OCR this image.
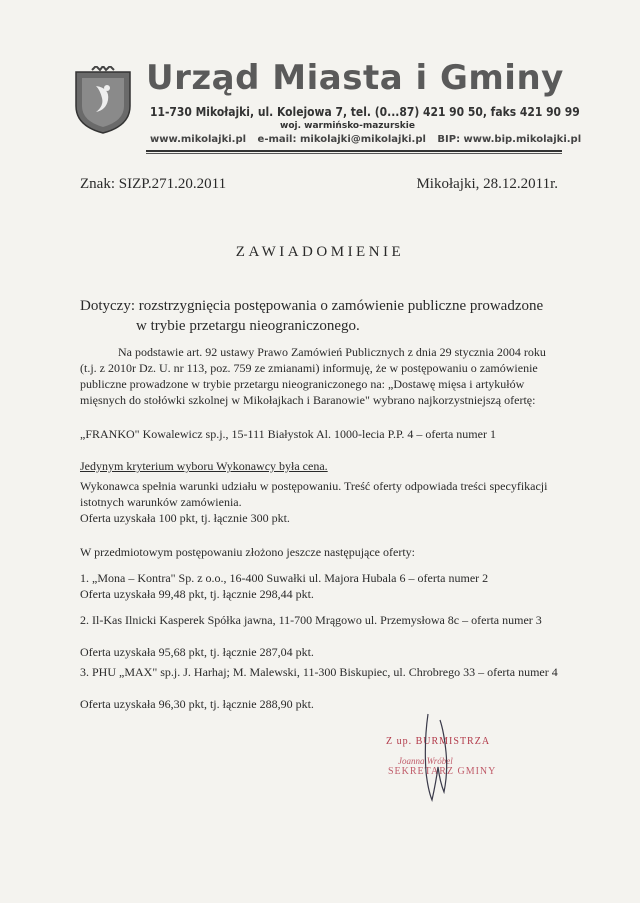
Urząd Miasta i Gminy
11-730 Mikołajki, ul. Kolejowa 7, tel. (0...87) 421 90 50, faks 421 90 99
woj. warmińsko-mazurskie
www.mikolajki.pl e-mail: mikolajki@mikolajki.pl BIP: www.bip.mikolajki.pl
Znak: SIZP.271.20.2011	Mikołajki, 28.12.2011r.
ZAWIADOMIENIE
Dotyczy: rozstrzygnięcia postępowania o zamówienie publiczne prowadzone
w trybie przetargu nieograniczonego.
Na podstawie art. 92 ustawy Prawo Zamówień Publicznych z dnia 29 stycznia 2004 roku (t.j. z 2010r Dz. U. nr 113, poz. 759 ze zmianami) informuję, że w postępowaniu o zamówienie publiczne prowadzone w trybie przetargu nieograniczonego na: „Dostawę mięsa i artykułów mięsnych do stołówki szkolnej w Mikołajkach i Baranowie" wybrano najkorzystniejszą ofertę:
„FRANKO" Kowalewicz sp.j., 15-111 Białystok Al. 1000-lecia P.P. 4 – oferta numer 1
Jedynym kryterium wyboru Wykonawcy była cena.
Wykonawca spełnia warunki udziału w postępowaniu. Treść oferty odpowiada treści specyfikacji istotnych warunków zamówienia.
Oferta uzyskała 100 pkt, tj. łącznie 300 pkt.
W przedmiotowym postępowaniu złożono jeszcze następujące oferty:
1. „Mona – Kontra" Sp. z o.o., 16-400 Suwałki ul. Majora Hubala 6 – oferta numer 2
Oferta uzyskała 99,48 pkt, tj. łącznie 298,44 pkt.
2. Il-Kas Ilnicki Kasperek Spółka jawna, 11-700 Mrągowo ul. Przemysłowa 8c – oferta numer 3
Oferta uzyskała 95,68 pkt, tj. łącznie 287,04 pkt.
3. PHU „MAX" sp.j. J. Harhaj; M. Malewski, 11-300 Biskupiec, ul. Chrobrego 33 – oferta numer 4
Oferta uzyskała 96,30 pkt, tj. łącznie 288,90 pkt.
Z up. BURMISTRZA
Joanna Wróbel
SEKRETARZ GMINY
